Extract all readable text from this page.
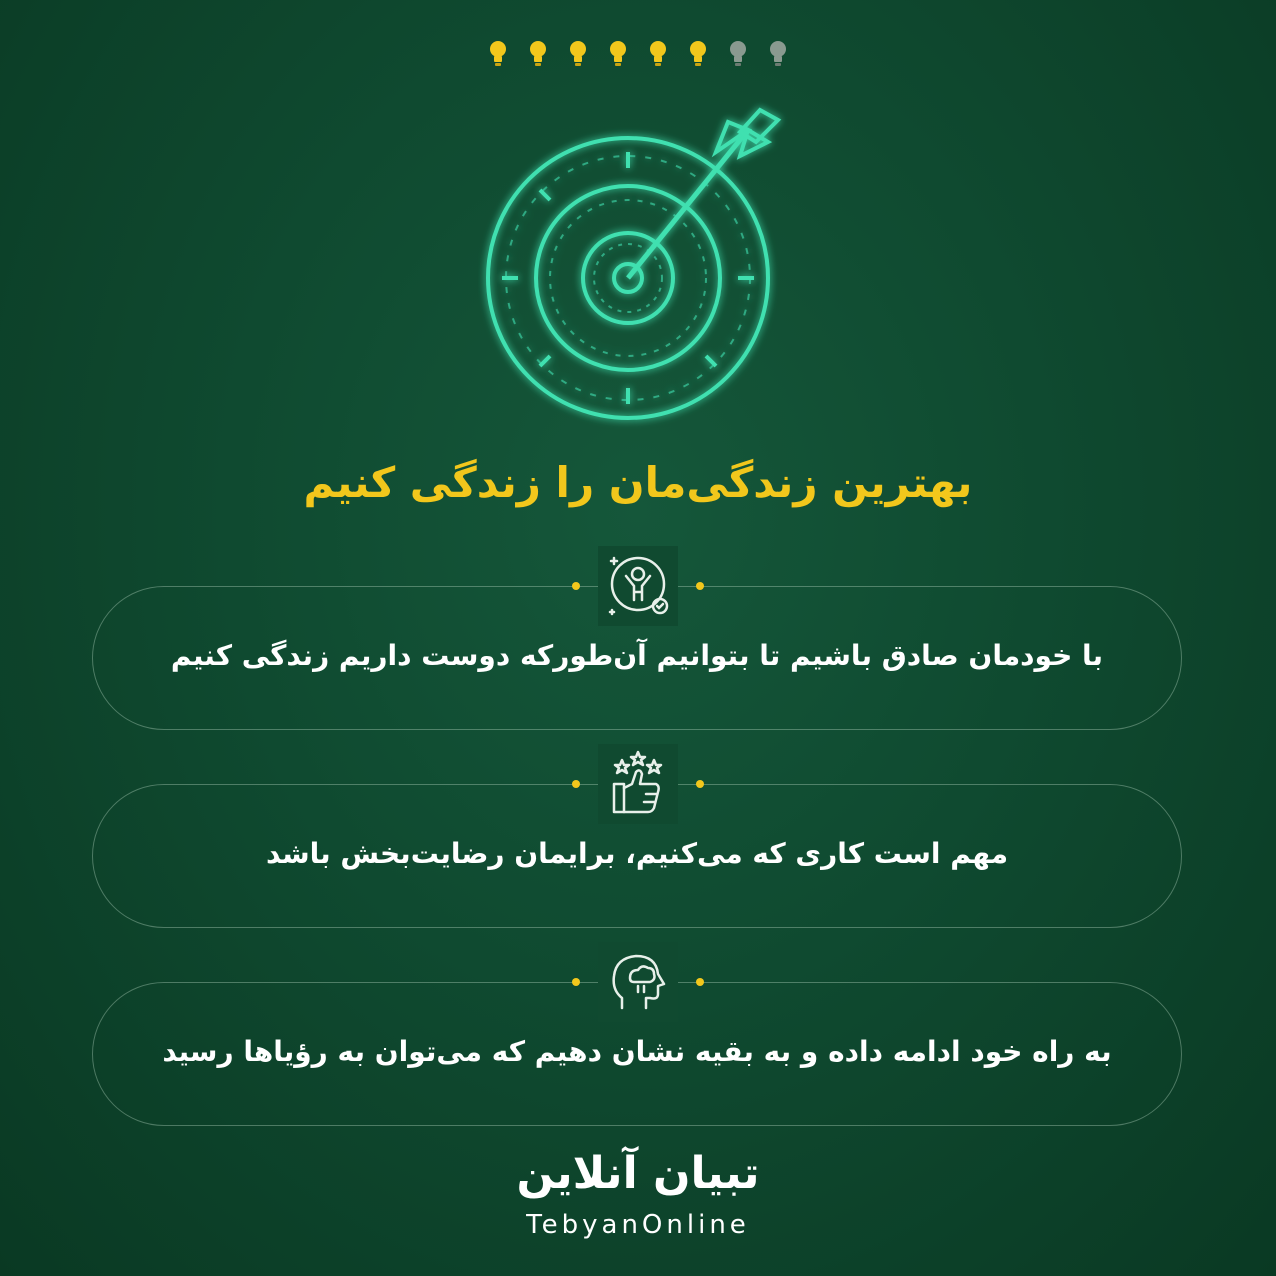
بهترین زندگی‌مان را زندگی کنیم
با خودمان صادق باشیم تا بتوانیم آن‌طورکه دوست داریم زندگی کنیم
مهم است کاری که می‌کنیم، برایمان رضایت‌بخش باشد
به راه خود ادامه داده و به بقیه نشان دهیم که می‌توان به رؤیاها رسید
تبیان آنلاین
TebyanOnline
